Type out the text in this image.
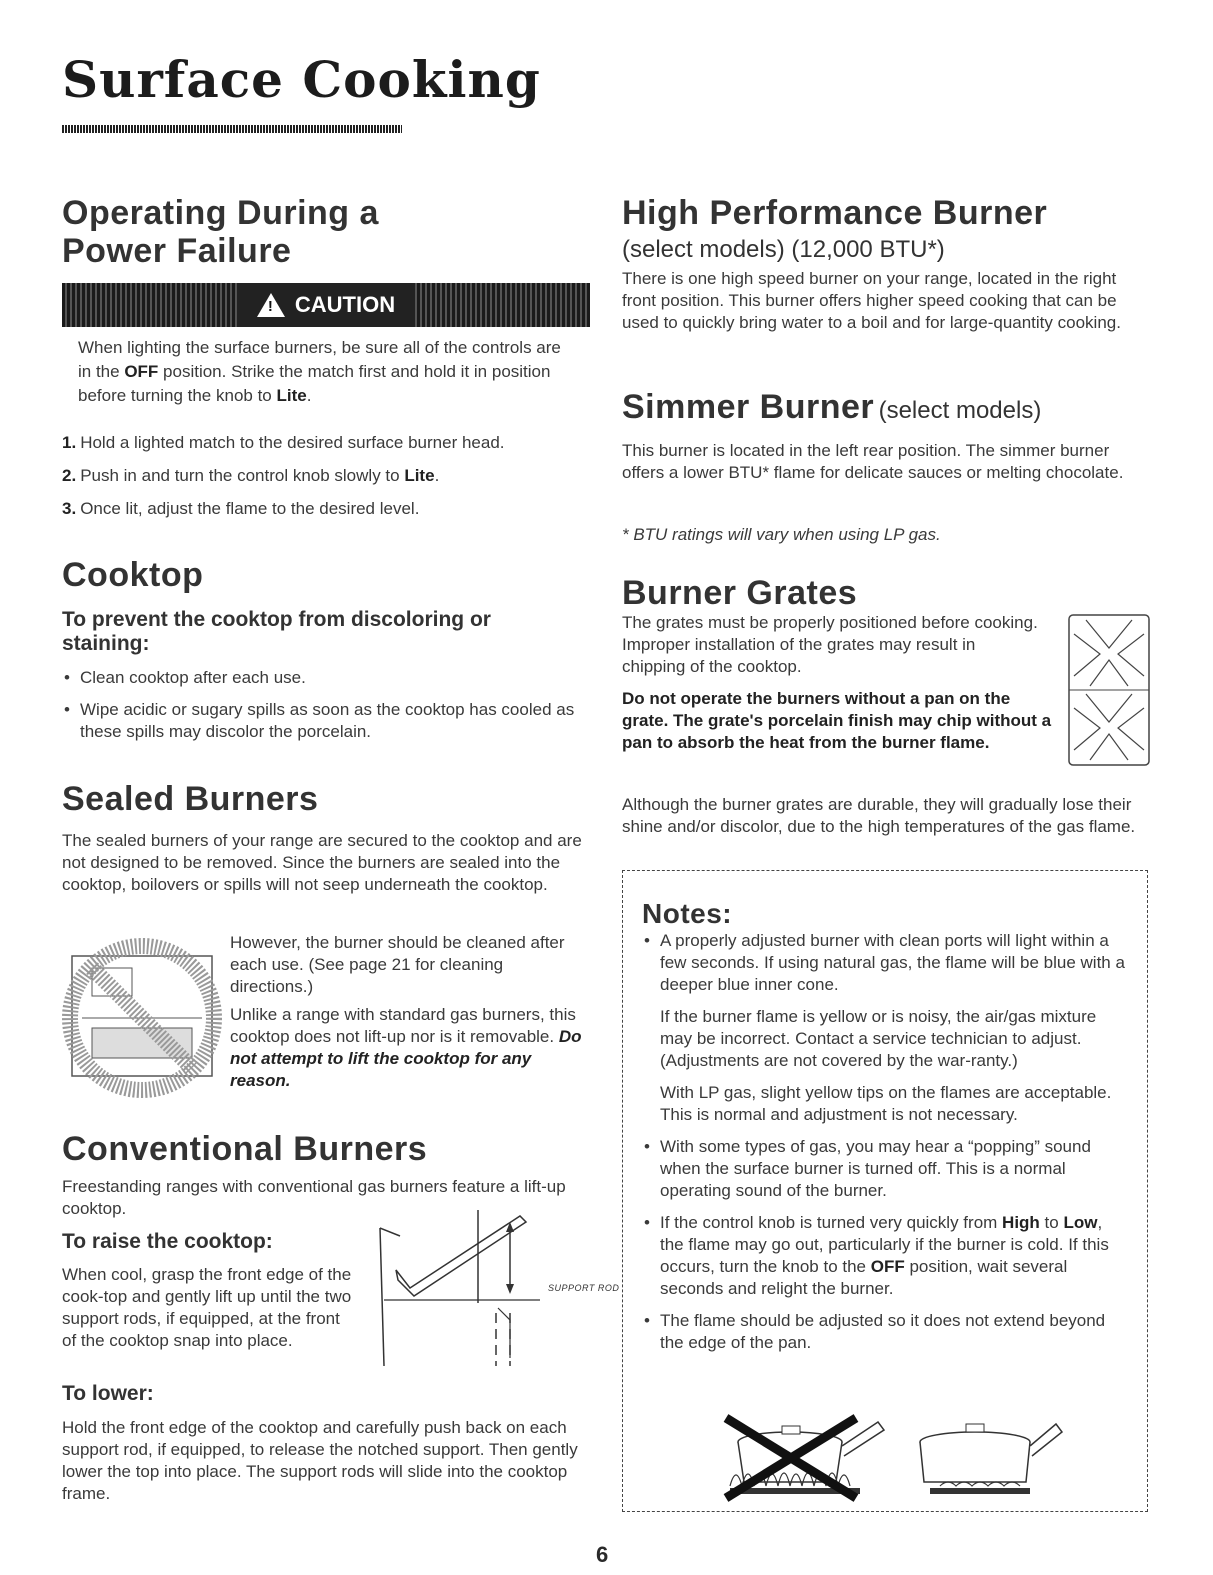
Surface Cooking
Operating During a
Power Failure
! CAUTION

When lighting the surface burners, be sure all of the controls are in the OFF position. Strike the match first and hold it in position before turning the knob to Lite.

1. Hold a lighted match to the desired surface burner head.
2. Push in and turn the control knob slowly to Lite.
3. Once lit, adjust the flame to the desired level.
Cooktop
To prevent the cooktop from discoloring or staining:
• Clean cooktop after each use.
• Wipe acidic or sugary spills as soon as the cooktop has cooled as these spills may discolor the porcelain.
Sealed Burners

The sealed burners of your range are secured to the cooktop and are not designed to be removed. Since the burners are sealed into the cooktop, boilovers or spills will not seep underneath the cooktop.

However, the burner should be cleaned after each use. (See page 21 for cleaning directions.)

Unlike a range with standard gas burners, this cooktop does not lift-up nor is it removable. Do not attempt to lift the cooktop for any reason.

Conventional Burners

Freestanding ranges with conventional gas burners feature a lift-up cooktop.

To raise the cooktop:

When cool, grasp the front edge of the cook-top and gently lift up until the two support rods, if equipped, at the front of the cooktop snap into place.

SUPPORT ROD
To lower:

Hold the front edge of the cooktop and carefully push back on each support rod, if equipped, to release the notched support. Then gently lower the top into place. The support rods will slide into the cooktop frame.

High Performance Burner
(select models) (12,000 BTU*)

There is one high speed burner on your range, located in the right front position. This burner offers higher speed cooking that can be used to quickly bring water to a boil and for large-quantity cooking.

Simmer Burner (select models)

This burner is located in the left rear position. The simmer burner offers a lower BTU* flame for delicate sauces or melting chocolate.

* BTU ratings will vary when using LP gas.

Burner Grates

The grates must be properly positioned before cooking. Improper installation of the grates may result in chipping of the cooktop.

Do not operate the burners without a pan on the grate. The grate's porcelain finish may chip without a pan to absorb the heat from the burner flame.

Although the burner grates are durable, they will gradually lose their shine and/or discolor, due to the high temperatures of the gas flame.

Notes:
• A properly adjusted burner with clean ports will light within a few seconds. If using natural gas, the flame will be blue with a deeper blue inner cone.

If the burner flame is yellow or is noisy, the air/gas mixture may be incorrect. Contact a service technician to adjust. (Adjustments are not covered by the war-ranty.)

With LP gas, slight yellow tips on the flames are acceptable. This is normal and adjustment is not necessary.

• With some types of gas, you may hear a “popping” sound when the surface burner is turned off. This is a normal operating sound of the burner.
• If the control knob is turned very quickly from High to Low, the flame may go out, particularly if the burner is cold. If this occurs, turn the knob to the OFF position, wait several seconds and relight the burner.
• The flame should be adjusted so it does not extend beyond the edge of the pan.
6
